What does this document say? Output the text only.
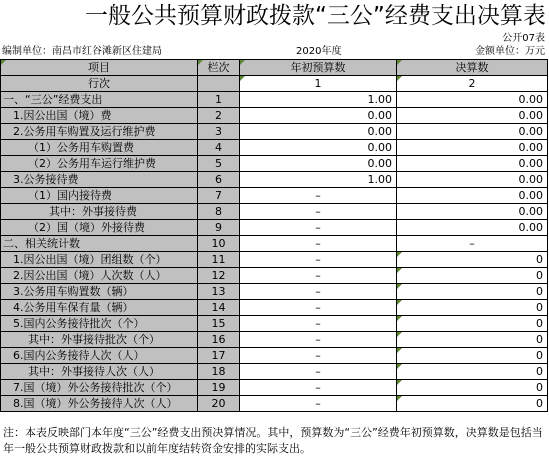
一般公共预算财政拨款“三公”经费支出决算表
公开07表
编制单位：南昌市红谷滩新区住建局	2020年度	金额单位：万元
项目	栏次	年初预算数	决算数
行次		1	2
一、“三公”经费支出	1	1.00	0.00
1.因公出国（境）费	2	0.00	0.00
2.公务用车购置及运行维护费	3	0.00	0.00
（1）公务用车购置费	4	0.00	0.00
（2）公务用车运行维护费	5	0.00	0.00
3.公务接待费	6	1.00	0.00
（1）国内接待费	7	–	0.00
其中：外事接待费	8	–	0.00
（2）国（境）外接待费	9	–	0.00
二、相关统计数	10	–	–
1.因公出国（境）团组数（个）	11	–	0
2.因公出国（境）人次数（人）	12	–	0
3.公务用车购置数（辆）	13	–	0
4.公务用车保有量（辆）	14	–	0
5.国内公务接待批次（个）	15	–	0
其中：外事接待批次（个）	16	–	0
6.国内公务接待人次（人）	17	–	0
其中：外事接待人次（人）	18	–	0
7.国（境）外公务接待批次（个）	19	–	0
8.国（境）外公务接待人次（人）	20	–	0
注：本表反映部门本年度“三公”经费支出预决算情况。其中，预算数为“三公”经费年初预算数，决算数是包括当年一般公共预算财政拨款和以前年度结转资金安排的实际支出。
